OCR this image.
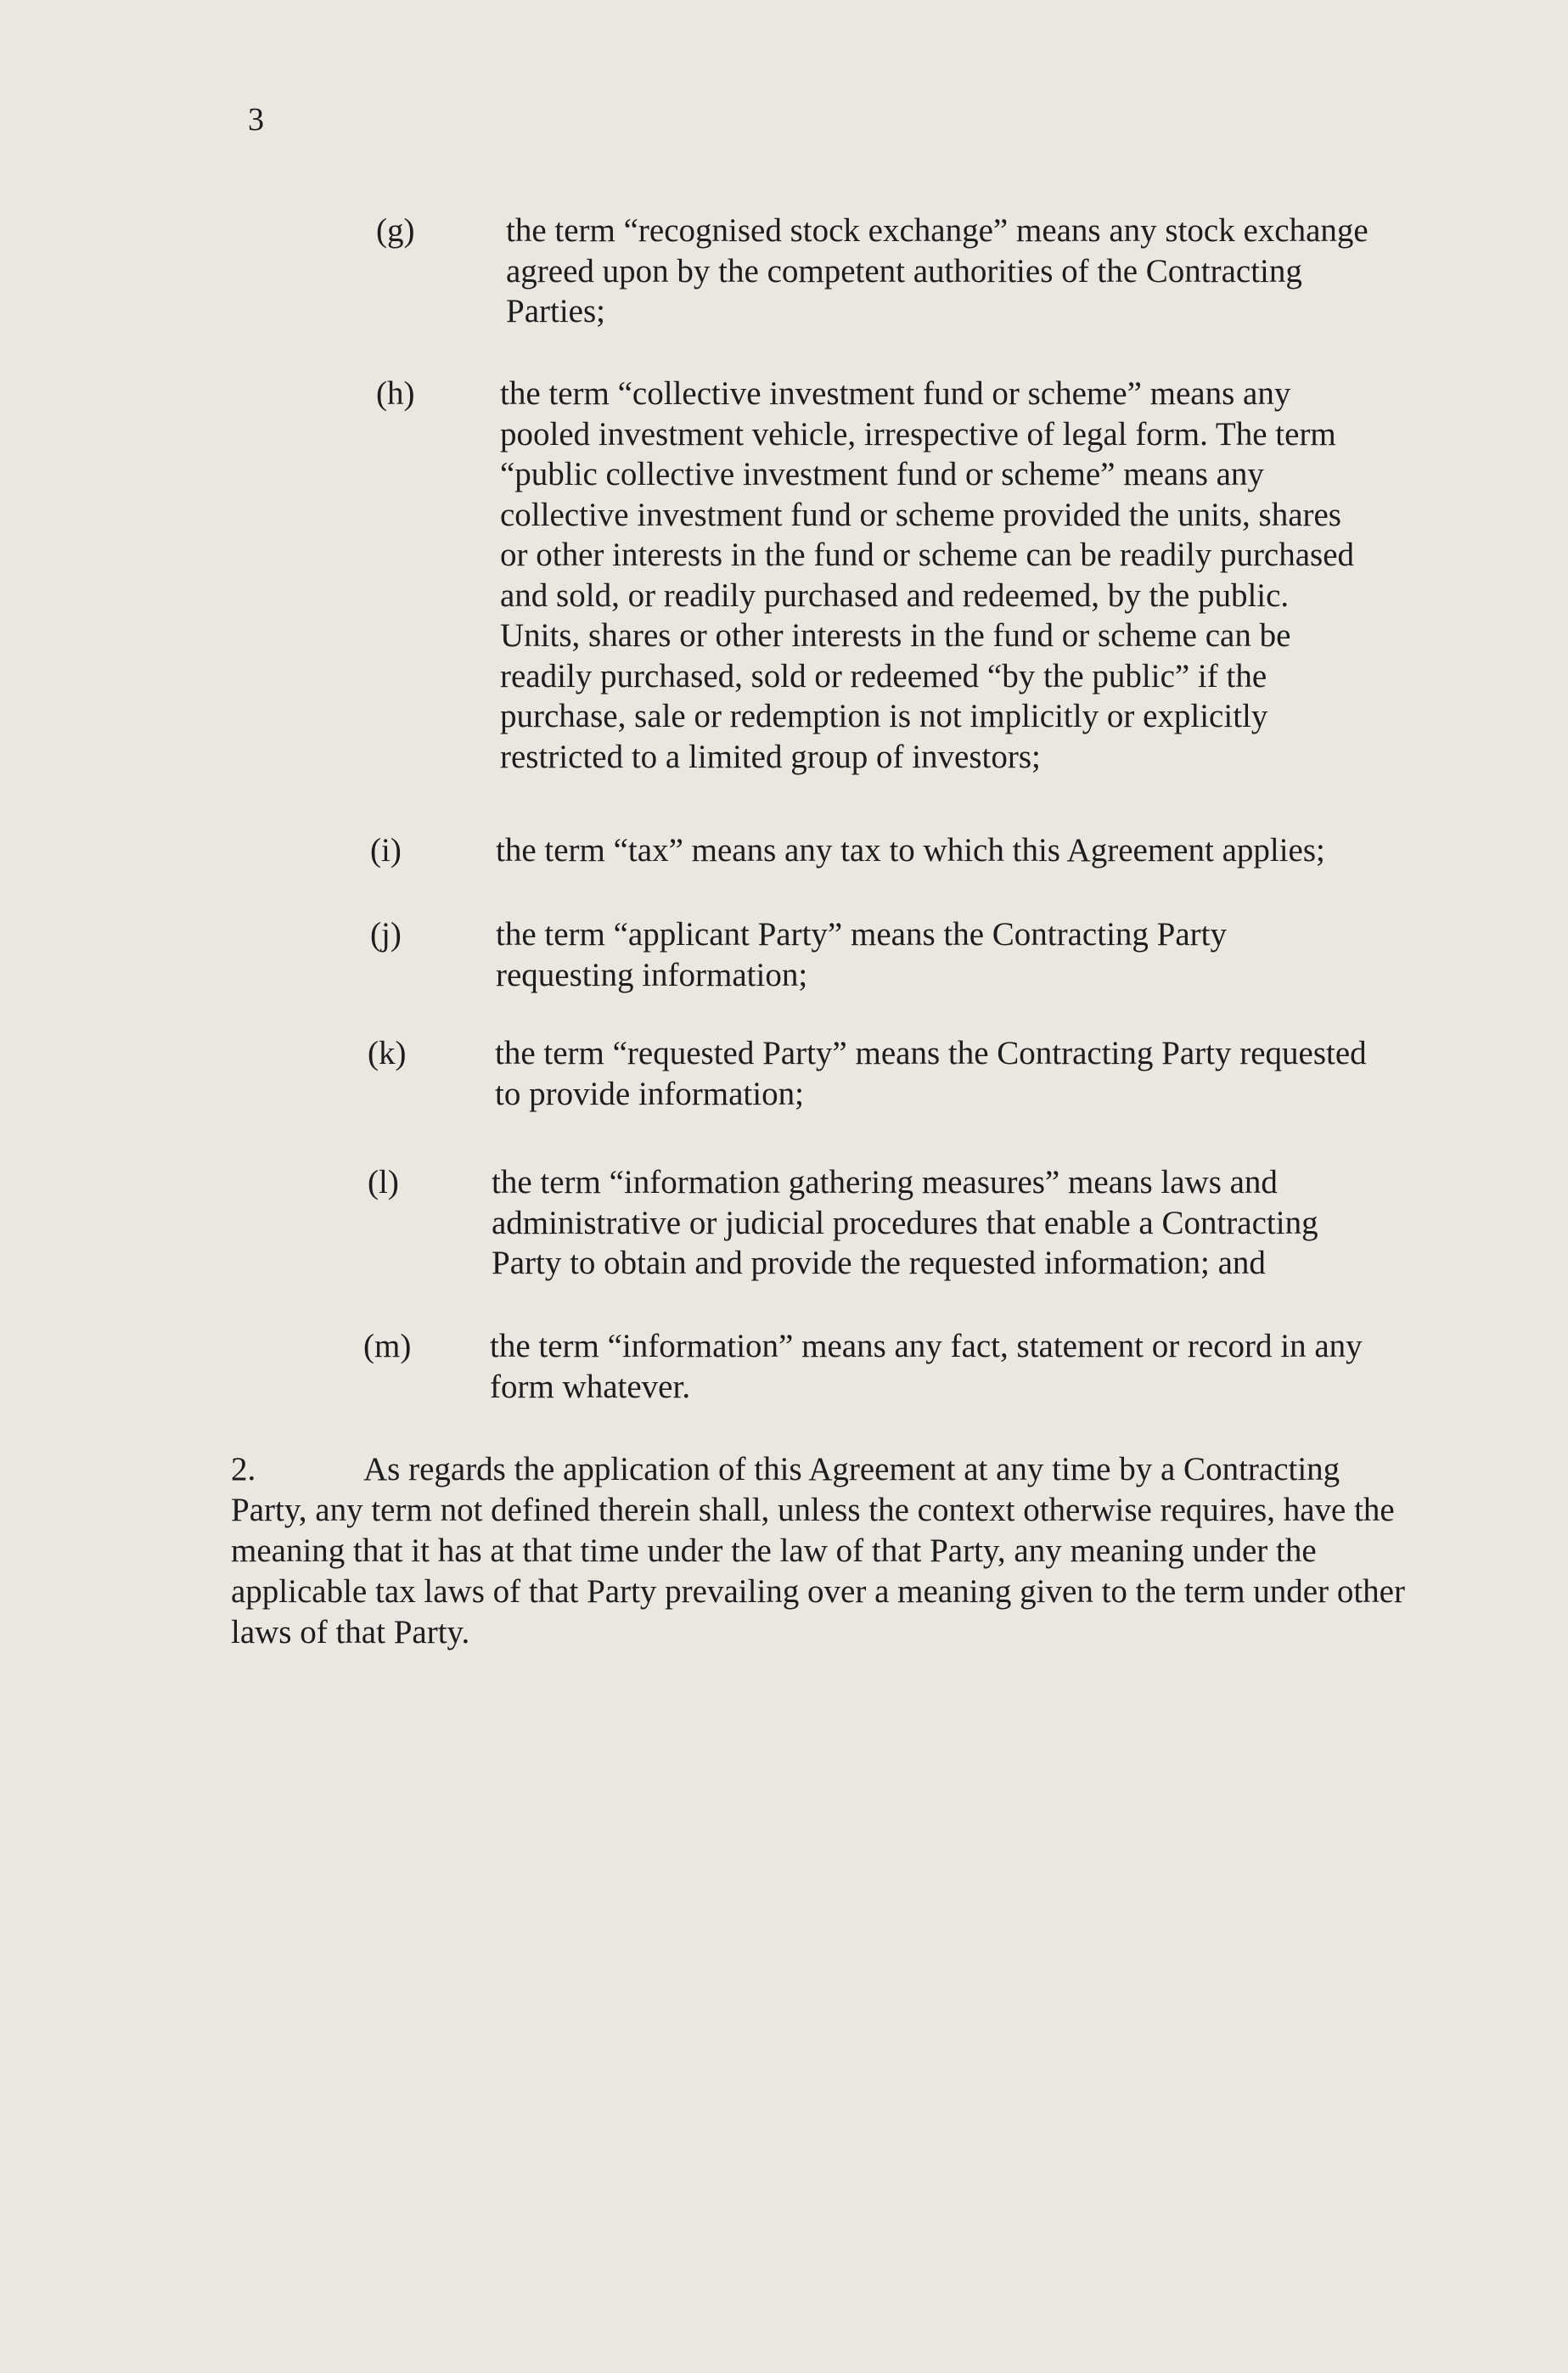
3
(g)	the term “recognised stock exchange” means any stock exchange agreed upon by the competent authorities of the Contracting Parties;
(h)	the term “collective investment fund or scheme” means any pooled investment vehicle, irrespective of legal form. The term “public collective investment fund or scheme” means any collective investment fund or scheme provided the units, shares or other interests in the fund or scheme can be readily purchased and sold, or readily purchased and redeemed, by the public. Units, shares or other interests in the fund or scheme can be readily purchased, sold or redeemed “by the public” if the purchase, sale or redemption is not implicitly or explicitly restricted to a limited group of investors;
(i)	the term “tax” means any tax to which this Agreement applies;
(j)	the term “applicant Party” means the Contracting Party requesting information;
(k)	the term “requested Party” means the Contracting Party requested to provide information;
(l)	the term “information gathering measures” means laws and administrative or judicial procedures that enable a Contracting Party to obtain and provide the requested information; and
(m) the term “information” means any fact, statement or record in any form whatever.
2.	As regards the application of this Agreement at any time by a Contracting Party, any term not defined therein shall, unless the context otherwise requires, have the meaning that it has at that time under the law of that Party, any meaning under the applicable tax laws of that Party prevailing over a meaning given to the term under other laws of that Party.
